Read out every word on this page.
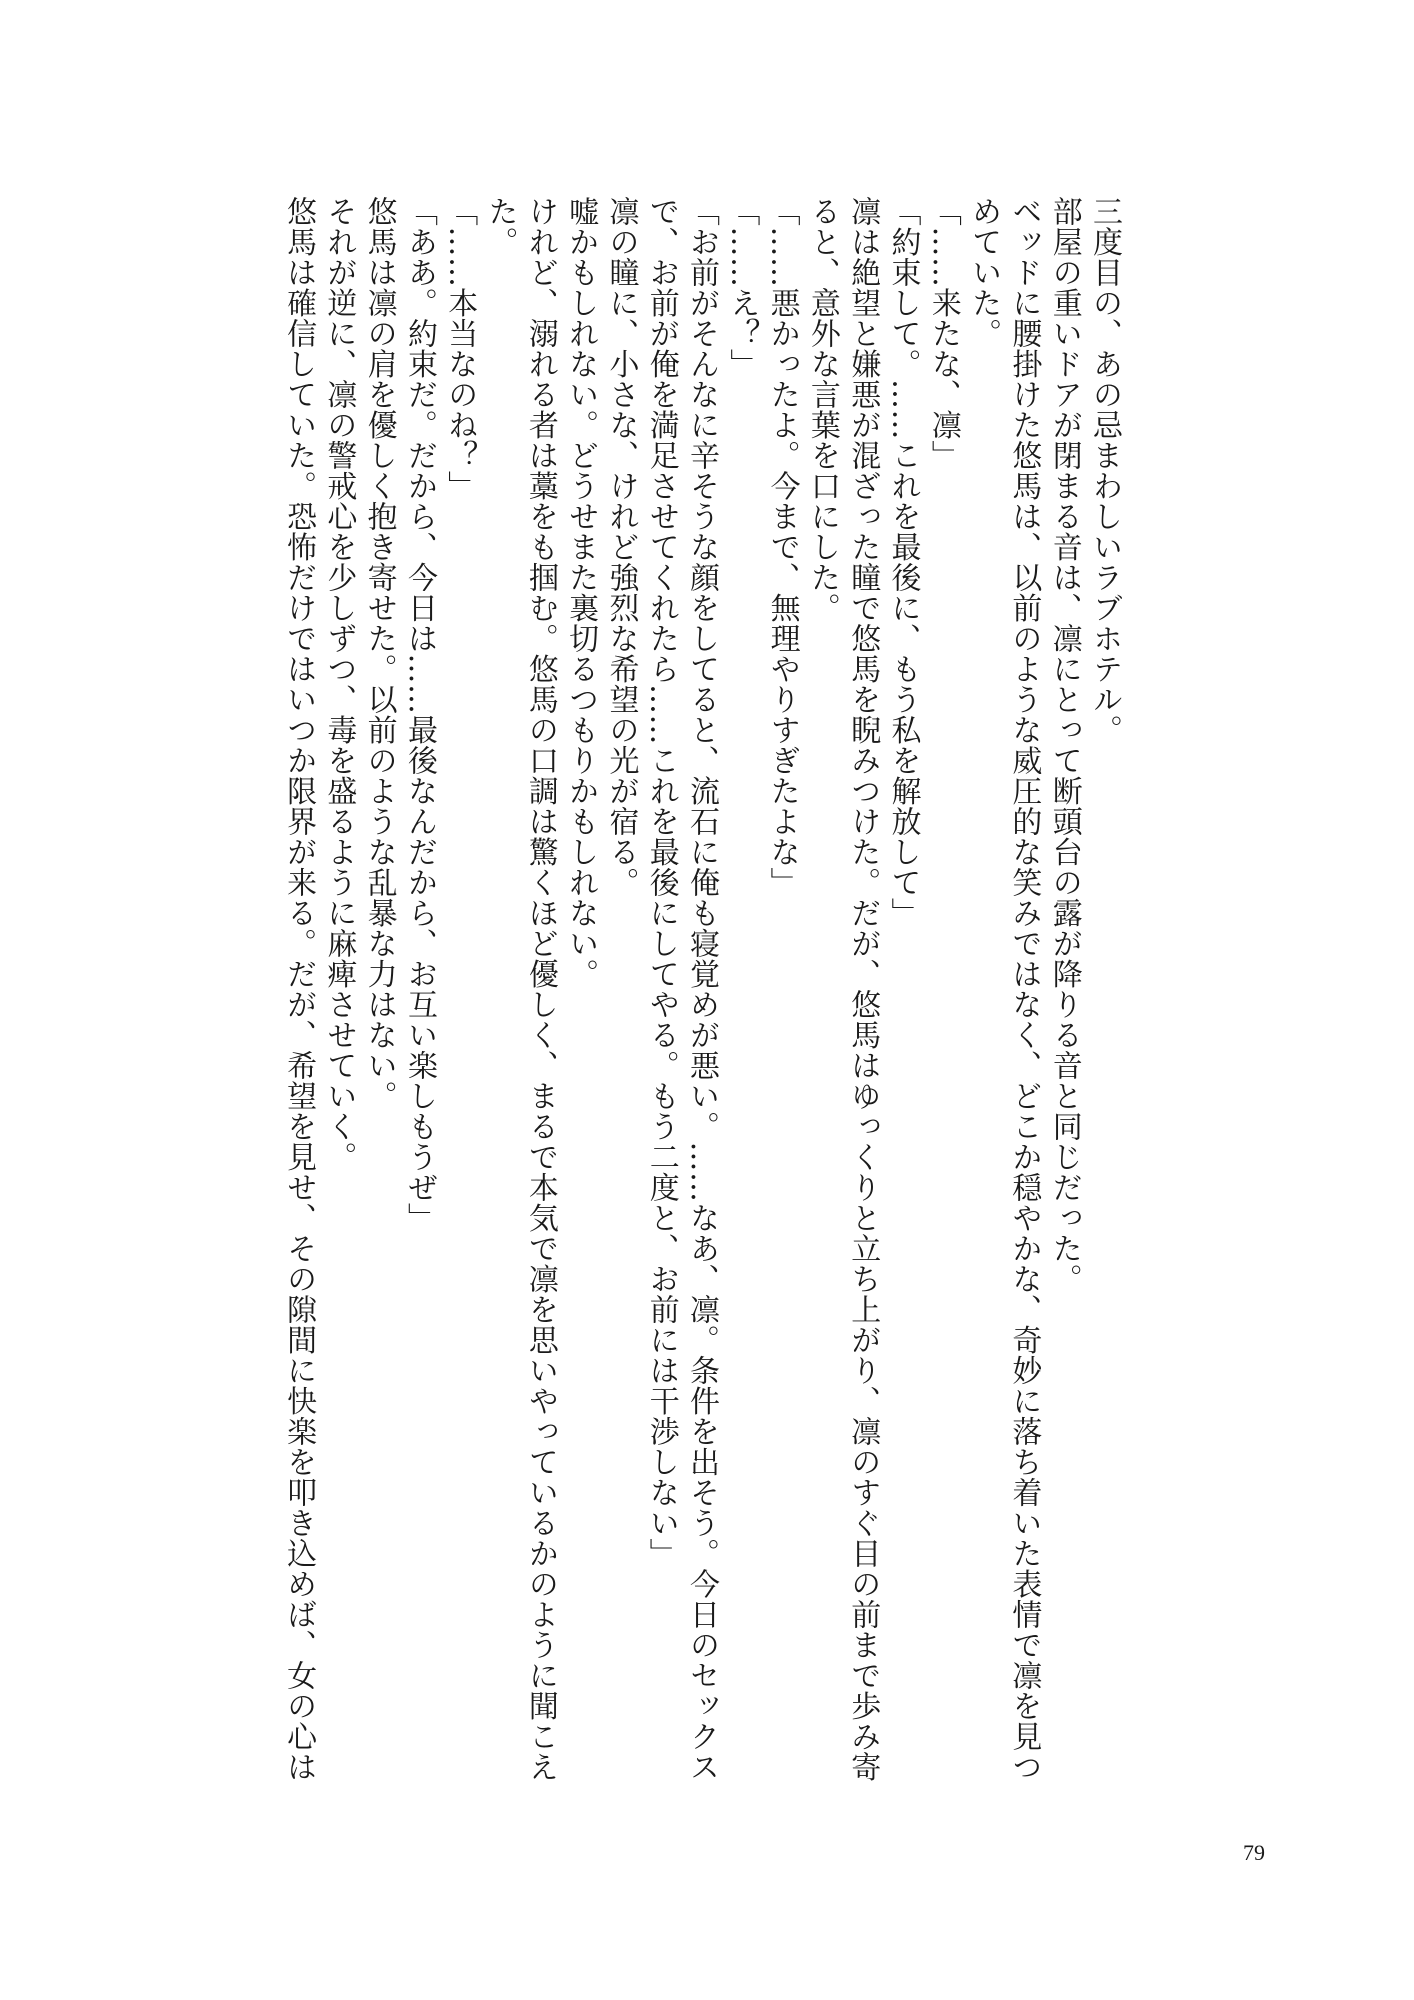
三度目の、あの忌まわしいラブホテル。

部屋の重いドアが閉まる音は、凛にとって断頭台の露が降りる音と同じだった。

ベッドに腰掛けた悠馬は、以前のような威圧的な笑みではなく、どこか穏やかな、奇妙に落ち着いた表情で凛を見つ

めていた。

「……来たな、凛」

「約束して。……これを最後に、もう私を解放して」

凛は絶望と嫌悪が混ざった瞳で悠馬を睨みつけた。だが、悠馬はゆっくりと立ち上がり、凛のすぐ目の前まで歩み寄

ると、意外な言葉を口にした。

「……悪かったよ。今まで、無理やりすぎたよな」

「……え？」

「お前がそんなに辛そうな顔をしてると、流石に俺も寝覚めが悪い。……なあ、凛。条件を出そう。今日のセックス

で、お前が俺を満足させてくれたら……これを最後にしてやる。もう二度と、お前には干渉しない」

凛の瞳に、小さな、けれど強烈な希望の光が宿る。

嘘かもしれない。どうせまた裏切るつもりかもしれない。

けれど、溺れる者は藁をも掴む。悠馬の口調は驚くほど優しく、まるで本気で凛を思いやっているかのように聞こえ

た。

「……本当なのね？」

「ああ。約束だ。だから、今日は……最後なんだから、お互い楽しもうぜ」

悠馬は凛の肩を優しく抱き寄せた。以前のような乱暴な力はない。

それが逆に、凛の警戒心を少しずつ、毒を盛るように麻痺させていく。

悠馬は確信していた。恐怖だけではいつか限界が来る。だが、希望を見せ、その隙間に快楽を叩き込めば、女の心は

79
